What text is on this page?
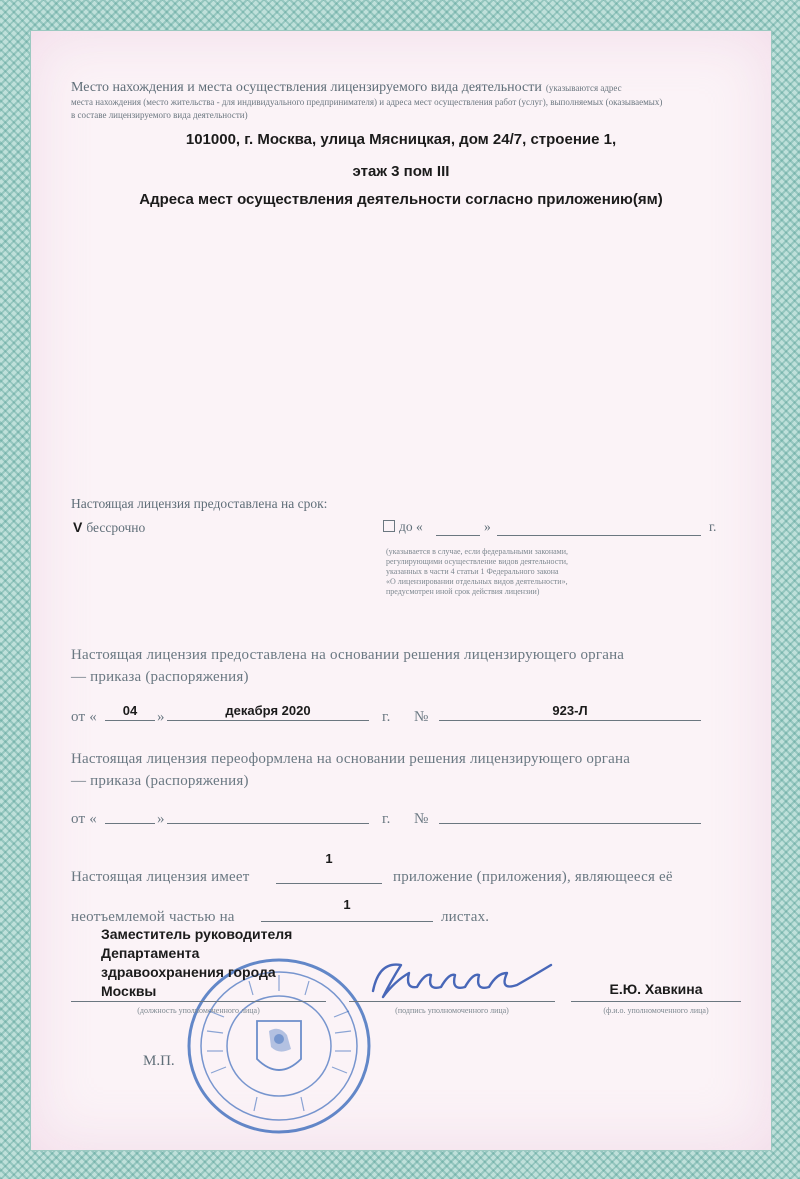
Место нахождения и места осуществления лицензируемого вида деятельности (указываются адрес
места нахождения (место жительства - для индивидуального предпринимателя) и адреса мест осуществления работ (услуг), выполняемых (оказываемых)
в составе лицензируемого вида деятельности)
101000, г. Москва, улица Мясницкая, дом 24/7, строение 1,
этаж 3 пом III
Адреса мест осуществления деятельности согласно приложению(ям)
Настоящая лицензия предоставлена на срок:
V бессрочно	до «	»	г.
(указывается в случае, если федеральными законами,
регулирующими осуществление видов деятельности,
указанных в части 4 статьи 1 Федерального закона
«О лицензировании отдельных видов деятельности»,
предусмотрен иной срок действия лицензии)
Настоящая лицензия предоставлена на основании решения лицензирующего органа
— приказа (распоряжения)
от «	04	»	декабря 2020	г. №	923-Л
Настоящая лицензия переоформлена на основании решения лицензирующего органа
— приказа (распоряжения)
от «	»	г. №
Настоящая лицензия имеет
1
приложение (приложения), являющееся её
неотъемлемой частью на
1
листах.
Заместитель руководителя
Департамента
здравоохранения города
Москвы
(должность уполномоченного лица)	(подпись уполномоченного лица)
Е.Ю. Хавкина
(ф.и.о. уполномоченного лица)
М.П.
